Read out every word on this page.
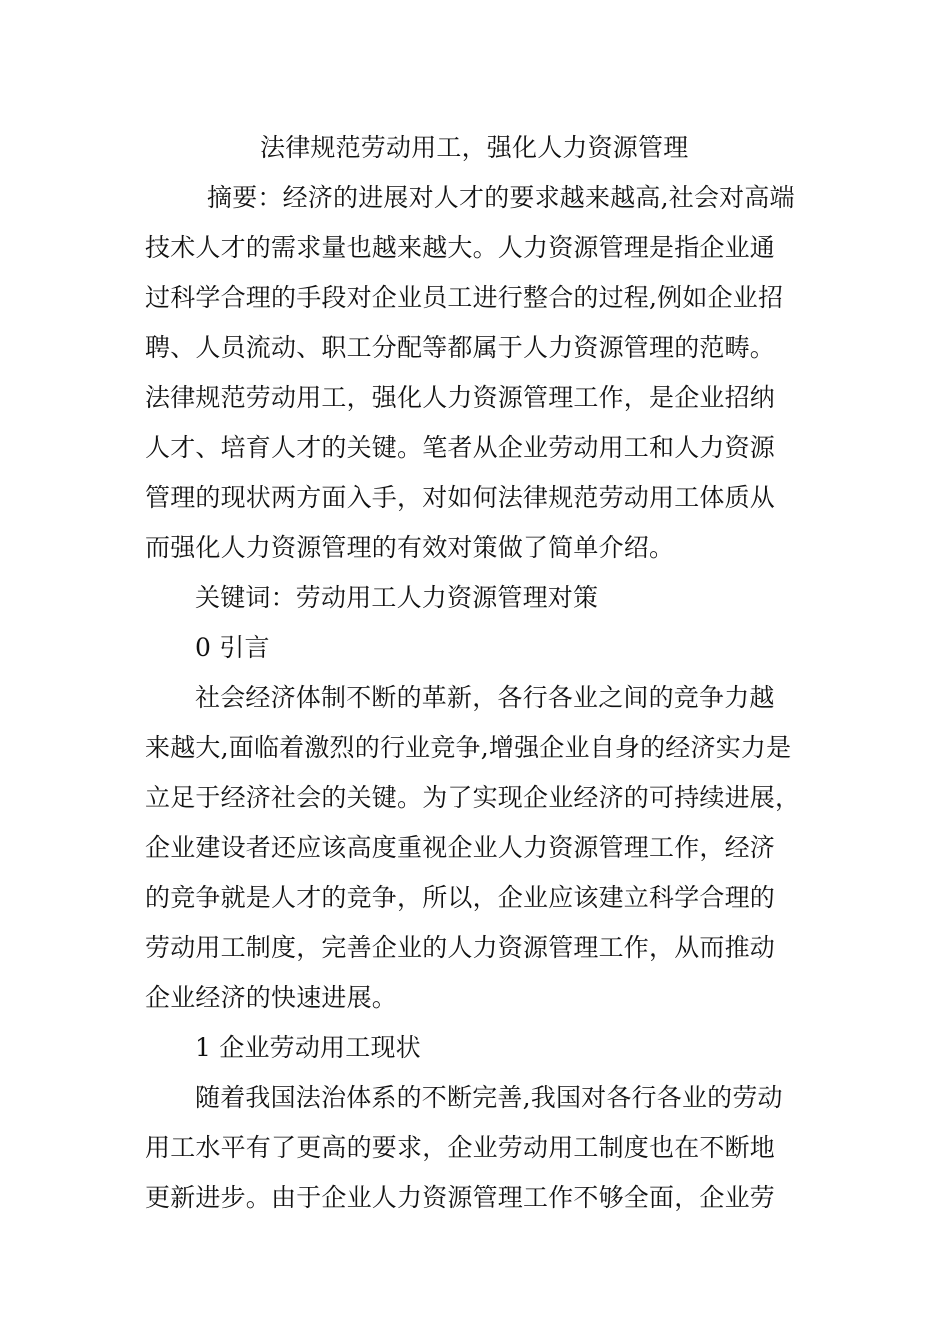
法律规范劳动用工，强化人力资源管理
摘要：经济的进展对人才的要求越来越高,社会对高端
技术人才的需求量也越来越大。人力资源管理是指企业通
过科学合理的手段对企业员工进行整合的过程,例如企业招
聘、人员流动、职工分配等都属于人力资源管理的范畴。
法律规范劳动用工，强化人力资源管理工作，是企业招纳
人才、培育人才的关键。笔者从企业劳动用工和人力资源
管理的现状两方面入手，对如何法律规范劳动用工体质从
而强化人力资源管理的有效对策做了简单介绍。
关键词：劳动用工人力资源管理对策
0 引言
社会经济体制不断的革新，各行各业之间的竞争力越
来越大,面临着激烈的行业竞争,增强企业自身的经济实力是
立足于经济社会的关键。为了实现企业经济的可持续进展，
企业建设者还应该高度重视企业人力资源管理工作，经济
的竞争就是人才的竞争，所以，企业应该建立科学合理的
劳动用工制度，完善企业的人力资源管理工作，从而推动
企业经济的快速进展。
1 企业劳动用工现状
随着我国法治体系的不断完善,我国对各行各业的劳动
用工水平有了更高的要求，企业劳动用工制度也在不断地
更新进步。由于企业人力资源管理工作不够全面，企业劳
